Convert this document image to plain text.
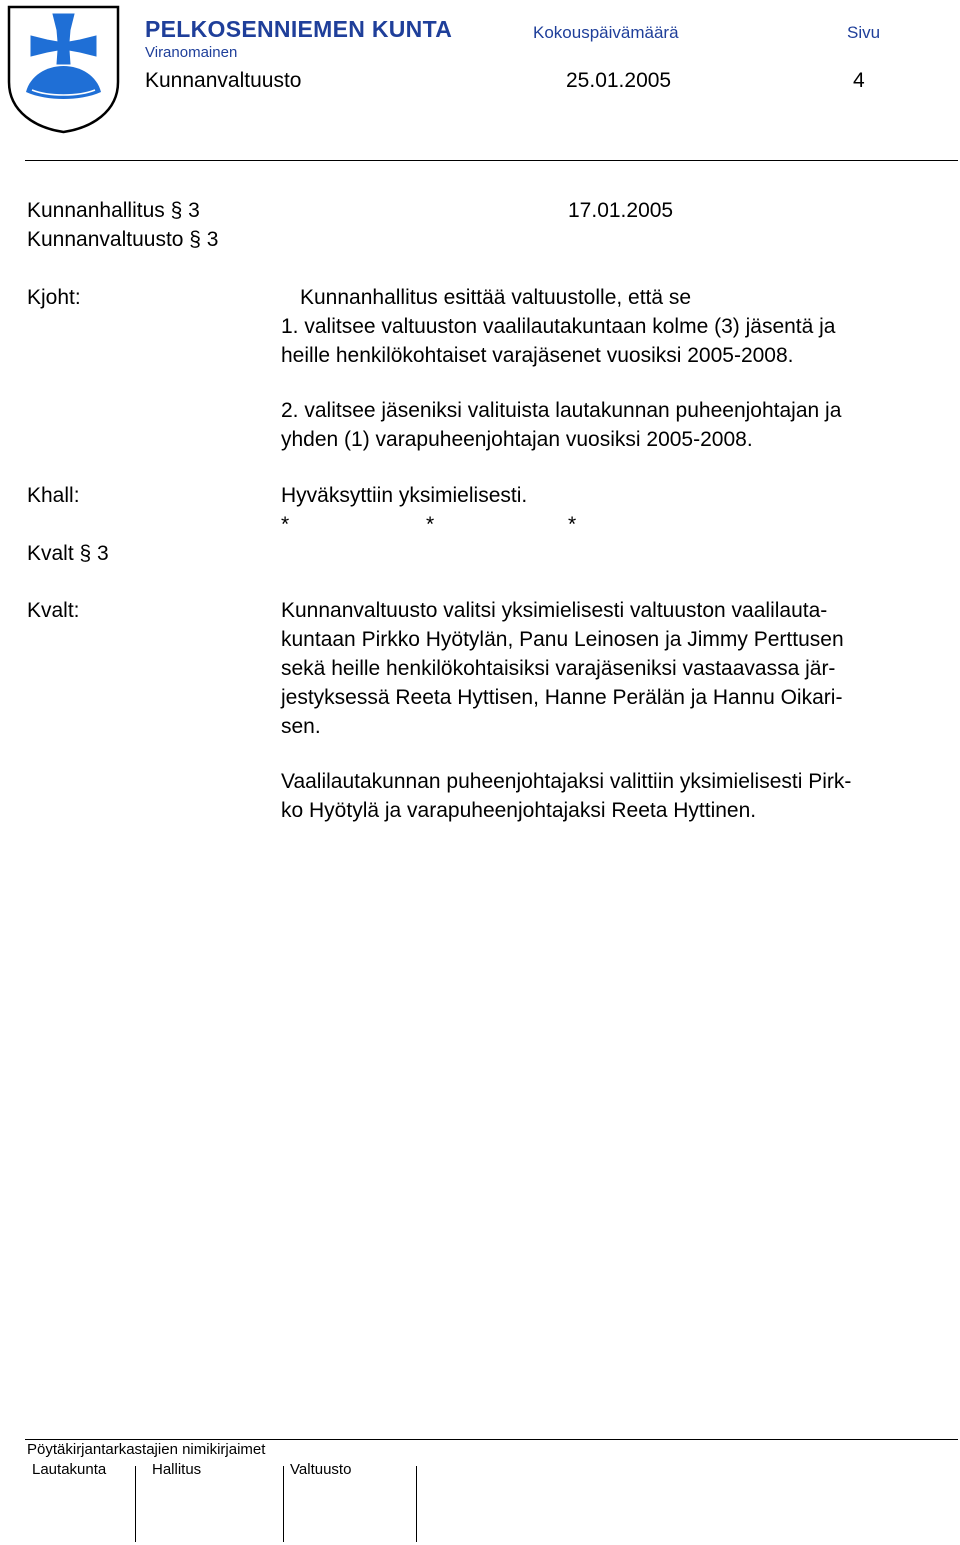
PELKOSENNIEMEN KUNTA	Kokouspäivämäärä	Sivu
Viranomainen
Kunnanvaltuusto	25.01.2005	4
Kunnanhallitus § 3	17.01.2005
Kunnanvaltuusto § 3
Kjoht:	Kunnanhallitus esittää valtuustolle, että se
1. valitsee valtuuston vaalilautakuntaan kolme (3) jäsentä ja
heille henkilökohtaiset varajäsenet vuosiksi 2005-2008.
2. valitsee jäseniksi valituista lautakunnan puheenjohtajan ja
yhden (1) varapuheenjohtajan vuosiksi 2005-2008.
Khall:	Hyväksyttiin yksimielisesti.
*	*	*
Kvalt § 3
Kvalt:	Kunnanvaltuusto valitsi yksimielisesti valtuuston vaalilauta-
kuntaan Pirkko Hyötylän, Panu Leinosen ja Jimmy Perttusen
sekä heille henkilökohtaisiksi varajäseniksi vastaavassa jär-
jestyksessä Reeta Hyttisen, Hanne Perälän ja Hannu Oikari-
sen.
Vaalilautakunnan puheenjohtajaksi valittiin yksimielisesti Pirk-
ko Hyötylä ja varapuheenjohtajaksi Reeta Hyttinen.
Pöytäkirjantarkastajien nimikirjaimet
Lautakunta	Hallitus	Valtuusto
